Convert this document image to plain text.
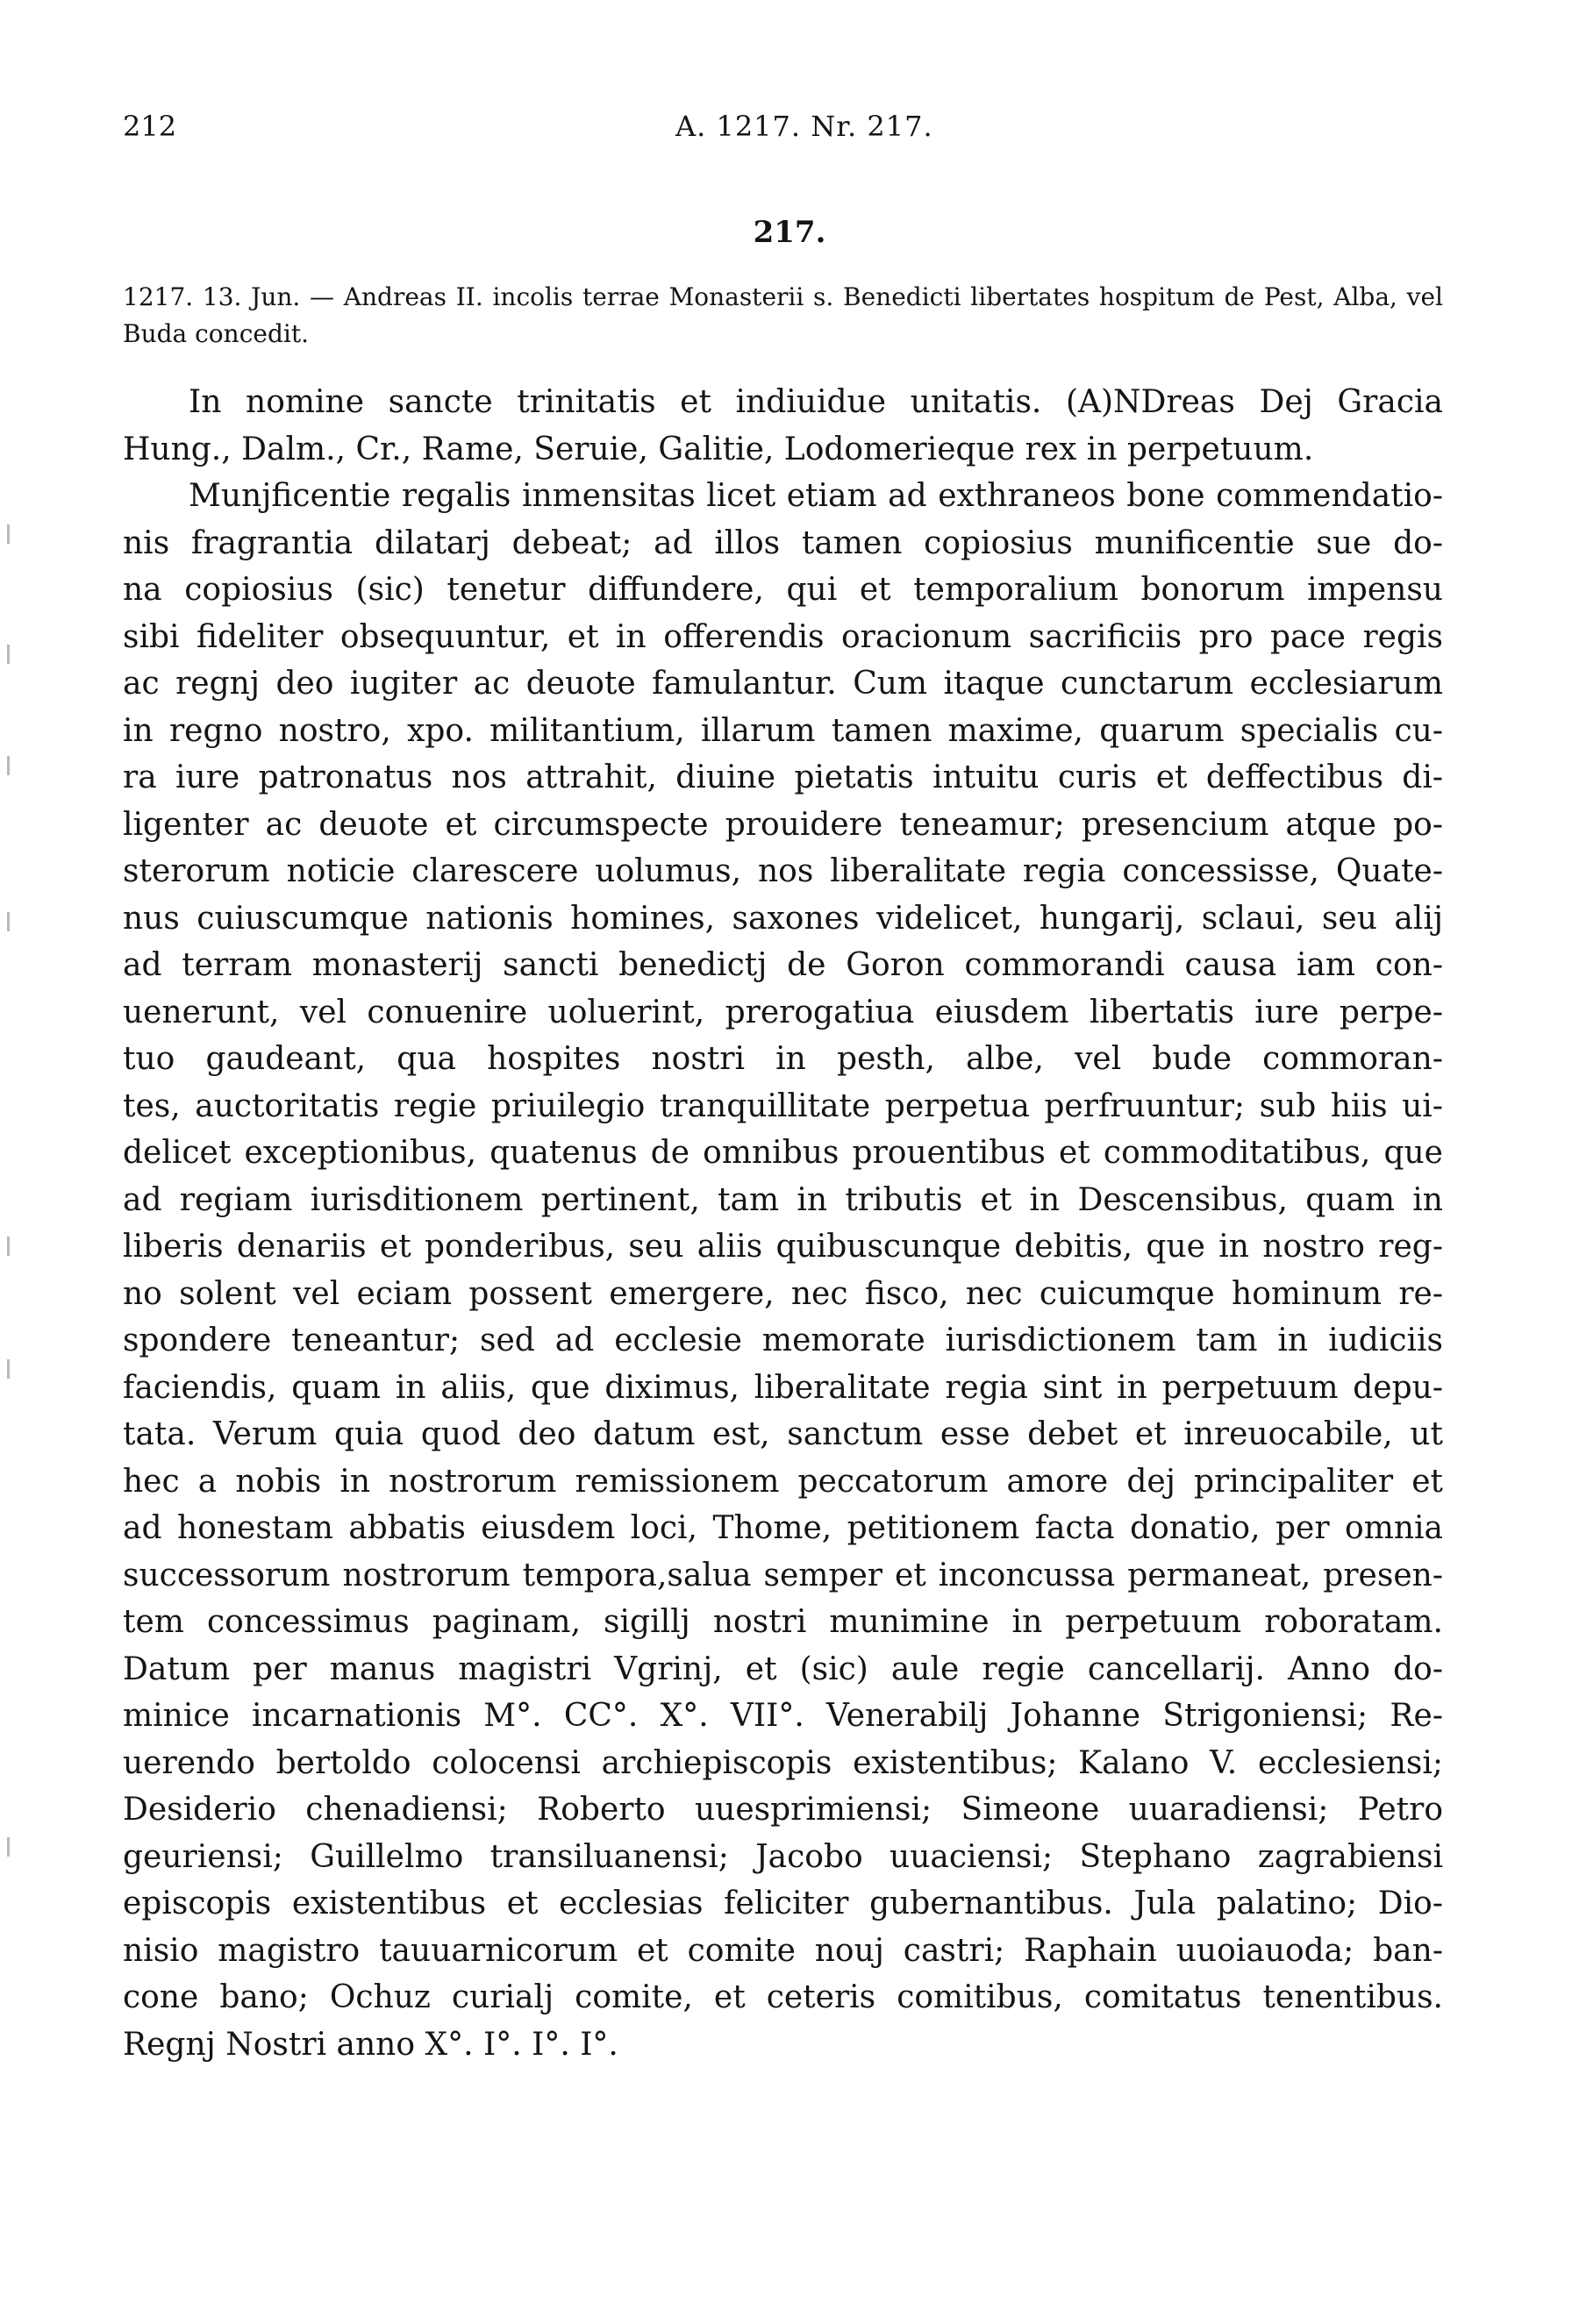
212	A. 1217. Nr. 217.
217.
1217. 13. Jun. — Andreas II. incolis terrae Monasterii s. Benedicti libertates hospitum de Pest, Alba, vel Buda concedit.
In nomine sancte trinitatis et indiuidue unitatis. (A)NDreas Dej Gracia
Hung., Dalm., Cr., Rame, Seruie, Galitie, Lodomerieque rex in perpetuum.
Munjficentie regalis inmensitas licet etiam ad exthraneos bone commendatio-
nis fragrantia dilatarj debeat; ad illos tamen copiosius munificentie sue do-
na copiosius (sic) tenetur diffundere, qui et temporalium bonorum impensu
sibi fideliter obsequuntur, et in offerendis oracionum sacrificiis pro pace regis
ac regnj deo iugiter ac deuote famulantur. Cum itaque cunctarum ecclesiarum
in regno nostro, xpo. militantium, illarum tamen maxime, quarum specialis cu-
ra iure patronatus nos attrahit, diuine pietatis intuitu curis et deffectibus di-
ligenter ac deuote et circumspecte prouidere teneamur; presencium atque po-
sterorum noticie clarescere uolumus, nos liberalitate regia concessisse, Quate-
nus cuiuscumque nationis homines, saxones videlicet, hungarij, sclaui, seu alij
ad terram monasterij sancti benedictj de Goron commorandi causa iam con-
uenerunt, vel conuenire uoluerint, prerogatiua eiusdem libertatis iure perpe-
tuo gaudeant, qua hospites nostri in pesth, albe, vel bude commoran-
tes, auctoritatis regie priuilegio tranquillitate perpetua perfruuntur; sub hiis ui-
delicet exceptionibus, quatenus de omnibus prouentibus et commoditatibus, que
ad regiam iurisditionem pertinent, tam in tributis et in Descensibus, quam in
liberis denariis et ponderibus, seu aliis quibuscunque debitis, que in nostro reg-
no solent vel eciam possent emergere, nec fisco, nec cuicumque hominum re-
spondere teneantur; sed ad ecclesie memorate iurisdictionem tam in iudiciis
faciendis, quam in aliis, que diximus, liberalitate regia sint in perpetuum depu-
tata. Verum quia quod deo datum est, sanctum esse debet et inreuocabile, ut
hec a nobis in nostrorum remissionem peccatorum amore dej principaliter et
ad honestam abbatis eiusdem loci, Thome, petitionem facta donatio, per omnia
successorum nostrorum tempora,salua semper et inconcussa permaneat, presen-
tem concessimus paginam, sigillj nostri munimine in perpetuum roboratam.
Datum per manus magistri Vgrinj, et (sic) aule regie cancellarij. Anno do-
minice incarnationis M°. CC°. X°. VII°. Venerabilj Johanne Strigoniensi; Re-
uerendo bertoldo colocensi archiepiscopis existentibus; Kalano V. ecclesiensi;
Desiderio chenadiensi; Roberto uuesprimiensi; Simeone uuaradiensi; Petro
geuriensi; Guillelmo transiluanensi; Jacobo uuaciensi; Stephano zagrabiensi
episcopis existentibus et ecclesias feliciter gubernantibus. Jula palatino; Dio-
nisio magistro tauuarnicorum et comite nouj castri; Raphain uuoiauoda; ban-
cone bano; Ochuz curialj comite, et ceteris comitibus, comitatus tenentibus.
Regnj Nostri anno X°. I°. I°. I°.
